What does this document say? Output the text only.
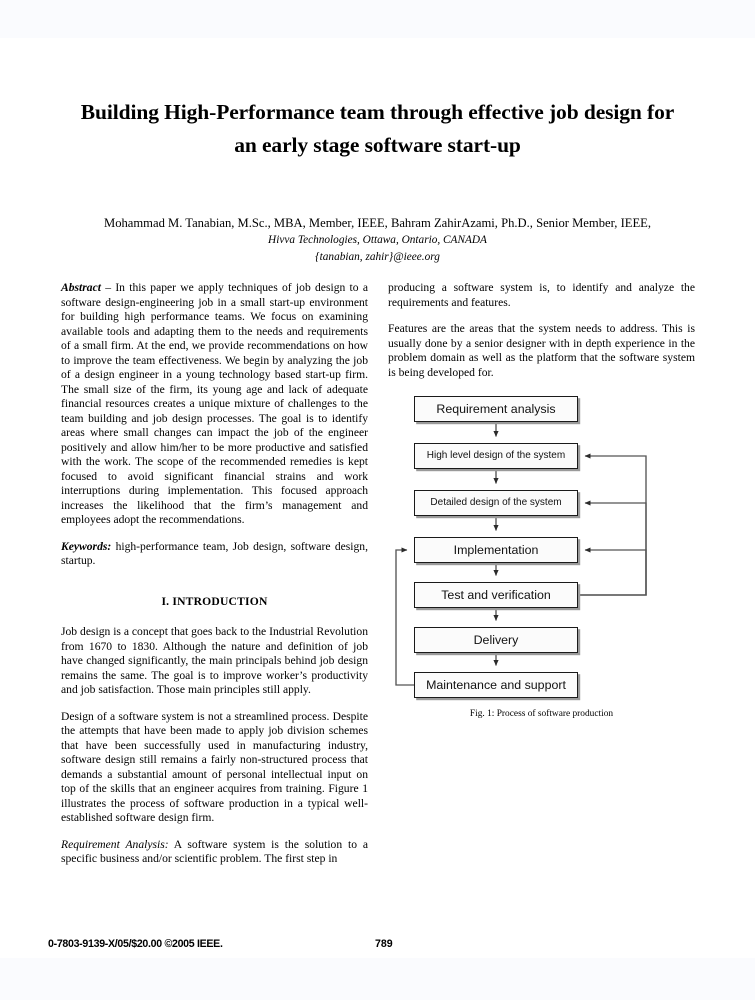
Building High-Performance team through effective job design for an early stage software start-up
Mohammad M. Tanabian, M.Sc., MBA, Member, IEEE, Bahram ZahirAzami, Ph.D., Senior Member, IEEE,
Hivva Technologies, Ottawa, Ontario, CANADA
{tanabian, zahir}@ieee.org

Abstract – In this paper we apply techniques of job design to a software design-engineering job in a small start-up environment for building high performance teams. We focus on examining available tools and adapting them to the needs and requirements of a small firm. At the end, we provide recommendations on how to improve the team effectiveness. We begin by analyzing the job of a design engineer in a young technology based start-up firm. The small size of the firm, its young age and lack of adequate financial resources creates a unique mixture of challenges to the team building and job design processes. The goal is to identify areas where small changes can impact the job of the engineer positively and allow him/her to be more productive and satisfied with the work. The scope of the recommended remedies is kept focused to avoid significant financial strains and work interruptions during implementation. This focused approach increases the likelihood that the firm’s management and employees adopt the recommendations.

Keywords: high-performance team, Job design, software design, startup.

I. INTRODUCTION

Job design is a concept that goes back to the Industrial Revolution from 1670 to 1830. Although the nature and definition of job have changed significantly, the main principals behind job design remains the same. The goal is to improve worker’s productivity and job satisfaction. Those main principles still apply.

Design of a software system is not a streamlined process. Despite the attempts that have been made to apply job division schemes that have been successfully used in manufacturing industry, software design still remains a fairly non-structured process that demands a substantial amount of personal intellectual input on top of the skills that an engineer acquires from training. Figure 1 illustrates the process of software production in a typical well-established software design firm.

Requirement Analysis: A software system is the solution to a specific business and/or scientific problem. The first step in

producing a software system is, to identify and analyze the requirements and features.

Features are the areas that the system needs to address. This is usually done by a senior designer with in depth experience in the problem domain as well as the platform that the software system is being developed for.

Requirement analysis
High level design of the system
Detailed design of the system
Implementation
Test and verification
Delivery
Maintenance and support
Fig. 1: Process of software production
0-7803-9139-X/05/$20.00 ©2005 IEEE.	789
